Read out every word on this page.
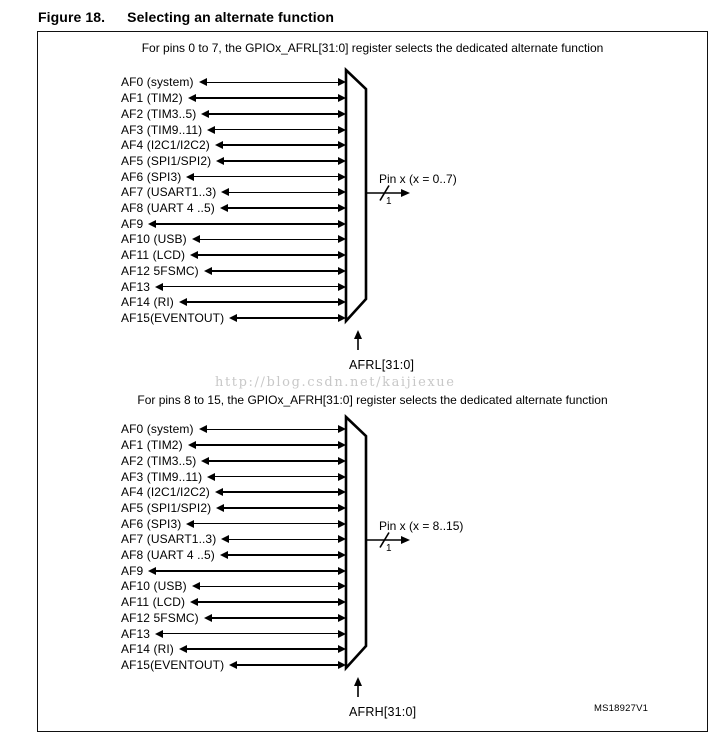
Figure 18. Selecting an alternate function
For pins 0 to 7, the GPIOx_AFRL[31:0] register selects the dedicated alternate function
AF0 (system)
AF1 (TIM2)
AF2 (TIM3..5)
AF3 (TIM9..11)
AF4 (I2C1/I2C2)
AF5 (SPI1/SPI2)
AF6 (SPI3)
AF7 (USART1..3)
AF8 (UART 4 ..5)
AF9
AF10 (USB)
AF11 (LCD)
AF12 5FSMC)
AF13
AF14 (RI)
AF15(EVENTOUT)
Pin x (x = 0..7)
1
AFRL[31:0]
For pins 8 to 15, the GPIOx_AFRH[31:0] register selects the dedicated alternate function
AF0 (system)
AF1 (TIM2)
AF2 (TIM3..5)
AF3 (TIM9..11)
AF4 (I2C1/I2C2)
AF5 (SPI1/SPI2)
AF6 (SPI3)
AF7 (USART1..3)
AF8 (UART 4 ..5)
AF9
AF10 (USB)
AF11 (LCD)
AF12 5FSMC)
AF13
AF14 (RI)
AF15(EVENTOUT)
Pin x (x = 8..15)
1
AFRH[31:0]
http://blog.csdn.net/kaijiexue
MS18927V1
